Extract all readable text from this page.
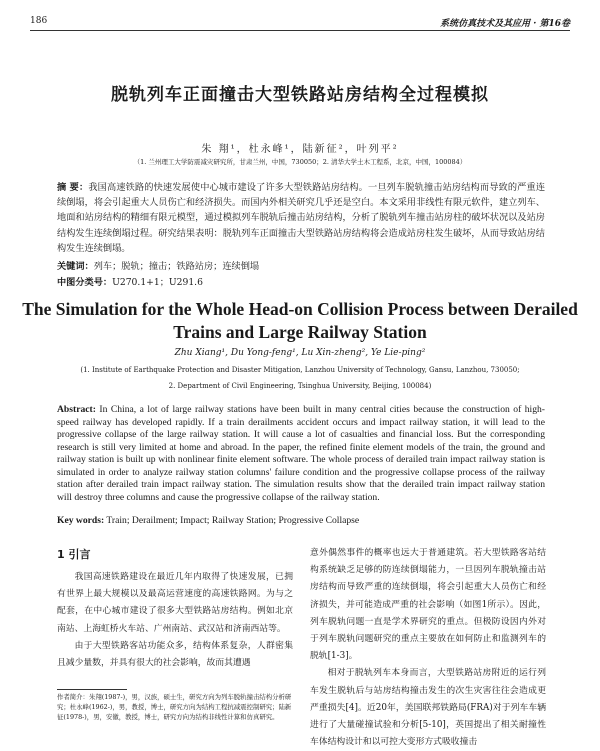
186	系统仿真技术及其应用 · 第16卷
脱轨列车正面撞击大型铁路站房结构全过程模拟
朱 翔¹，杜永峰¹，陆新征²，叶列平²
（1. 兰州理工大学防震减灾研究所，甘肃兰州，中国，730050；2. 清华大学土木工程系，北京，中国，100084）
摘 要：我国高速铁路的快速发展使中心城市建设了许多大型铁路站房结构。一旦列车脱轨撞击站房结构而导致的严重连续倒塌，将会引起重大人员伤亡和经济损失。而国内外相关研究几乎还是空白。本文采用非线性有限元软件，建立列车、地面和站房结构的精细有限元模型，通过模拟列车脱轨后撞击站房结构，分析了脱轨列车撞击站房柱的破坏状况以及站房结构发生连续倒塌过程。研究结果表明：脱轨列车正面撞击大型铁路站房结构将会造成站房柱发生破坏，从而导致站房结构发生连续倒塌。
关键词：列车；脱轨；撞击；铁路站房；连续倒塌
中图分类号：U270.1+1；U291.6
The Simulation for the Whole Head-on Collision Process between Derailed Trains and Large Railway Station
Zhu Xiang¹, Du Yong-feng¹, Lu Xin-zheng², Ye Lie-ping²
(1. Institute of Earthquake Protection and Disaster Mitigation, Lanzhou University of Technology, Gansu, Lanzhou, 730050;
2. Department of Civil Engineering, Tsinghua University, Beijing, 100084)
Abstract: In China, a lot of large railway stations have been built in many central cities because the construction of high-speed railway has developed rapidly. If a train derailments accident occurs and impact railway station, it will lead to the progressive collapse of the large railway station. It will cause a lot of casualties and financial loss. But the corresponding research is still very limited at home and abroad. In the paper, the refined finite element models of the train, the ground and railway station is built up with nonlinear finite element software. The whole process of derailed train impact railway station is simulated in order to analyze railway station columns' failure condition and the progressive collapse process of the railway station after derailed train impact railway station. The simulation results show that the derailed train impact railway station will destroy three columns and cause the progressive collapse of the railway station.
Key words: Train; Derailment; Impact; Railway Station; Progressive Collapse
1 引言

我国高速铁路建设在最近几年内取得了快速发展，已拥有世界上最大规模以及最高运营速度的高速铁路网。为与之配套，在中心城市建设了很多大型铁路站房结构。例如北京南站、上海虹桥火车站、广州南站、武汉站和济南西站等。

由于大型铁路客站功能众多，结构体系复杂，人群密集且减少量数，并具有很大的社会影响，故而其遭遇

意外偶然事件的概率也远大于普通建筑。若大型铁路客站结构系统缺乏足够的防连续倒塌能力，一旦因列车脱轨撞击站房结构而导致严重的连续倒塌，将会引起重大人员伤亡和经济损失，并可能造成严重的社会影响（如图1所示）。因此，列车脱轨问题一直是学术界研究的重点。但极防设因内外对于列车脱轨问题研究的重点主要放在如何防止和监测列车的脱轨[1-3]。

相对于脱轨列车本身而言，大型铁路站房附近的运行列车发生脱轨后与站房结构撞击发生的次生灾害往往会造成更严重损失[4]。近20年，美国联邦铁路局(FRA)对于列车车辆进行了大量碰撞试验和分析[5-10]，英国提出了相关耐撞性车体结构设计和以可控大变形方式吸收撞击

作者简介：朱翔(1987-)，男，汉族，硕士生，研究方向为列车脱轨撞击结构分析研究；杜永峰(1962-)，男，教授，博士，研究方向为结构工程抗减震控制研究；陆新征(1978-)，男，安徽，教授，博士，研究方向为结构非线性计算和仿真研究。
